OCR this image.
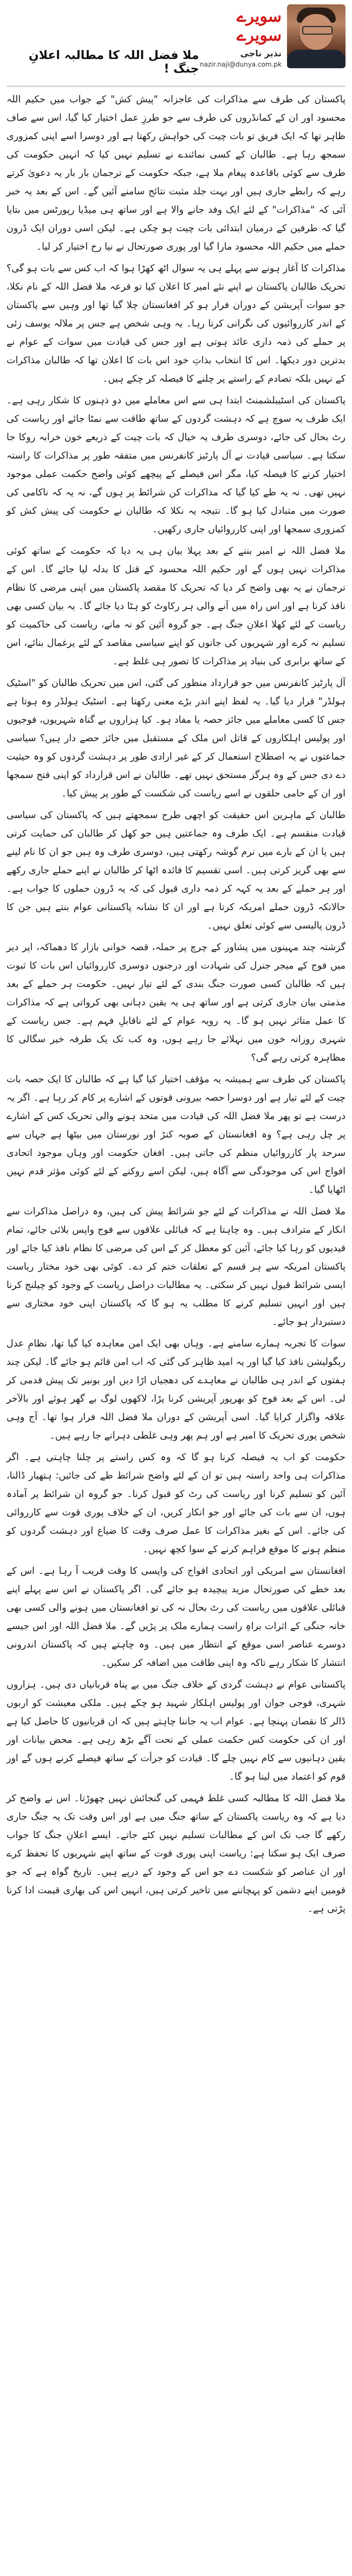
سویرے سویرے
نذیر ناجی
nazir.naji@dunya.com.pk
ملا فضل اللہ کا مطالبہ اعلانِ جنگ !

پاکستان کی طرف سے مذاکرات کی عاجزانہ "پیش کش" کے جواب میں حکیم اللہ محسود اور ان کے کمانڈروں کی طرف سے جو طرزِ عمل اختیار کیا گیا، اس سے صاف ظاہر تھا کہ ایک فریق تو بات چیت کی خواہش رکھتا ہے اور دوسرا اسے اپنی کمزوری سمجھ رہا ہے۔ طالبان کے کسی نمائندے نے تسلیم نہیں کیا کہ انہیں حکومت کی طرف سے کوئی باقاعدہ پیغام ملا ہے، جبکہ حکومت کے ترجمان بار بار یہ دعویٰ کرتے رہے کہ رابطے جاری ہیں اور بہت جلد مثبت نتائج سامنے آئیں گے۔ اس کے بعد یہ خبر آئی کہ "مذاکرات" کے لئے ایک وفد جانے والا ہے اور ساتھ ہی میڈیا رپورٹس میں بتایا گیا کہ طرفین کے درمیان ابتدائی بات چیت ہو چکی ہے۔ لیکن اسی دوران ایک ڈرون حملے میں حکیم اللہ محسود مارا گیا اور پوری صورتحال نے نیا رخ اختیار کر لیا۔

مذاکرات کا آغاز ہونے سے پہلے ہی یہ سوال اٹھ کھڑا ہوا کہ اب کس سے بات ہو گی؟ تحریک طالبان پاکستان نے اپنے نئے امیر کا اعلان کیا تو قرعہ ملا فضل اللہ کے نام نکلا، جو سوات آپریشن کے دوران فرار ہو کر افغانستان چلا گیا تھا اور وہیں سے پاکستان کے اندر کارروائیوں کی نگرانی کرتا رہا۔ یہ وہی شخص ہے جس پر ملالہ یوسف زئی پر حملے کی ذمہ داری عائد ہوتی ہے اور جس کی قیادت میں سوات کے عوام نے بدترین دور دیکھا۔ اس کا انتخاب بذاتِ خود اس بات کا اعلان تھا کہ طالبان مذاکرات کے نہیں بلکہ تصادم کے راستے پر چلنے کا فیصلہ کر چکے ہیں۔

پاکستان کی اسٹیبلشمنٹ ابتدا ہی سے اس معاملے میں دو ذہنوں کا شکار رہی ہے۔ ایک طرف یہ سوچ ہے کہ دہشت گردوں کے ساتھ طاقت سے نمٹا جائے اور ریاست کی رٹ بحال کی جائے، دوسری طرف یہ خیال کہ بات چیت کے ذریعے خون خرابہ روکا جا سکتا ہے۔ سیاسی قیادت نے آل پارٹیز کانفرنس میں متفقہ طور پر مذاکرات کا راستہ اختیار کرنے کا فیصلہ کیا، مگر اس فیصلے کے پیچھے کوئی واضح حکمت عملی موجود نہیں تھی۔ نہ یہ طے کیا گیا کہ مذاکرات کن شرائط پر ہوں گے، نہ یہ کہ ناکامی کی صورت میں متبادل کیا ہو گا۔ نتیجہ یہ نکلا کہ طالبان نے حکومت کی پیش کش کو کمزوری سمجھا اور اپنی کارروائیاں جاری رکھیں۔

ملا فضل اللہ نے امیر بننے کے بعد پہلا بیان ہی یہ دیا کہ حکومت کے ساتھ کوئی مذاکرات نہیں ہوں گے اور حکیم اللہ محسود کے قتل کا بدلہ لیا جائے گا۔ اس کے ترجمان نے یہ بھی واضح کر دیا کہ تحریک کا مقصد پاکستان میں اپنی مرضی کا نظام نافذ کرنا ہے اور اس راہ میں آنے والی ہر رکاوٹ کو ہٹا دیا جائے گا۔ یہ بیان کسی بھی ریاست کے لئے کھلا اعلانِ جنگ ہے۔ جو گروہ آئین کو نہ مانے، ریاست کی حاکمیت کو تسلیم نہ کرے اور شہریوں کی جانوں کو اپنے سیاسی مقاصد کے لئے یرغمال بنائے، اس کے ساتھ برابری کی بنیاد پر مذاکرات کا تصور ہی غلط ہے۔

آل پارٹیز کانفرنس میں جو قرارداد منظور کی گئی، اس میں تحریک طالبان کو "اسٹیک ہولڈر" قرار دیا گیا۔ یہ لفظ اپنے اندر بڑے معنی رکھتا ہے۔ اسٹیک ہولڈر وہ ہوتا ہے جس کا کسی معاملے میں جائز حصہ یا مفاد ہو۔ کیا ہزاروں بے گناہ شہریوں، فوجیوں اور پولیس اہلکاروں کے قاتل اس ملک کے مستقبل میں جائز حصے دار ہیں؟ سیاسی جماعتوں نے یہ اصطلاح استعمال کر کے غیر ارادی طور پر دہشت گردوں کو وہ حیثیت دے دی جس کے وہ ہرگز مستحق نہیں تھے۔ طالبان نے اس قرارداد کو اپنی فتح سمجھا اور ان کے حامی حلقوں نے اسے ریاست کی شکست کے طور پر پیش کیا۔

طالبان کے ماہرین اس حقیقت کو اچھی طرح سمجھتے ہیں کہ پاکستان کی سیاسی قیادت منقسم ہے۔ ایک طرف وہ جماعتیں ہیں جو کھل کر طالبان کی حمایت کرتی ہیں یا ان کے بارے میں نرم گوشہ رکھتی ہیں، دوسری طرف وہ ہیں جو ان کا نام لینے سے بھی گریز کرتی ہیں۔ اسی تقسیم کا فائدہ اٹھا کر طالبان نے اپنے حملے جاری رکھے اور ہر حملے کے بعد یہ کہہ کر ذمہ داری قبول کی کہ یہ ڈرون حملوں کا جواب ہے۔ حالانکہ ڈرون حملے امریکہ کرتا ہے اور ان کا نشانہ پاکستانی عوام بنتے ہیں جن کا ڈرون پالیسی سے کوئی تعلق نہیں۔

گزشتہ چند مہینوں میں پشاور کے چرچ پر حملہ، قصہ خوانی بازار کا دھماکہ، اپر دیر میں فوج کے میجر جنرل کی شہادت اور درجنوں دوسری کارروائیاں اس بات کا ثبوت ہیں کہ طالبان کسی صورت جنگ بندی کے لئے تیار نہیں۔ حکومت ہر حملے کے بعد مذمتی بیان جاری کرتی ہے اور ساتھ ہی یہ یقین دہانی بھی کرواتی ہے کہ مذاکرات کا عمل متاثر نہیں ہو گا۔ یہ رویہ عوام کے لئے ناقابلِ فہم ہے۔ جس ریاست کے شہری روزانہ خون میں نہلائے جا رہے ہوں، وہ کب تک یک طرفہ خیر سگالی کا مظاہرہ کرتی رہے گی؟

پاکستان کی طرف سے ہمیشہ یہ مؤقف اختیار کیا گیا ہے کہ طالبان کا ایک حصہ بات چیت کے لئے تیار ہے اور دوسرا حصہ بیرونی قوتوں کے اشارے پر کام کر رہا ہے۔ اگر یہ درست ہے تو پھر ملا فضل اللہ کی قیادت میں متحد ہونے والی تحریک کس کے اشارے پر چل رہی ہے؟ وہ افغانستان کے صوبہ کنڑ اور نورستان میں بیٹھا ہے جہاں سے سرحد پار کارروائیاں منظم کی جاتی ہیں۔ افغان حکومت اور وہاں موجود اتحادی افواج اس کی موجودگی سے آگاہ ہیں، لیکن اسے روکنے کے لئے کوئی مؤثر قدم نہیں اٹھایا گیا۔

ملا فضل اللہ نے مذاکرات کے لئے جو شرائط پیش کی ہیں، وہ دراصل مذاکرات سے انکار کے مترادف ہیں۔ وہ چاہتا ہے کہ قبائلی علاقوں سے فوج واپس بلائی جائے، تمام قیدیوں کو رہا کیا جائے، آئین کو معطل کر کے اس کی مرضی کا نظام نافذ کیا جائے اور پاکستان امریکہ سے ہر قسم کے تعلقات ختم کر دے۔ کوئی بھی خود مختار ریاست ایسی شرائط قبول نہیں کر سکتی۔ یہ مطالبات دراصل ریاست کے وجود کو چیلنج کرنا ہیں اور انہیں تسلیم کرنے کا مطلب یہ ہو گا کہ پاکستان اپنی خود مختاری سے دستبردار ہو جائے۔

سوات کا تجربہ ہمارے سامنے ہے۔ وہاں بھی ایک امن معاہدہ کیا گیا تھا، نظامِ عدل ریگولیشن نافذ کیا گیا اور یہ امید ظاہر کی گئی کہ اب امن قائم ہو جائے گا۔ لیکن چند ہفتوں کے اندر ہی طالبان نے معاہدے کی دھجیاں اڑا دیں اور بونیر تک پیش قدمی کر لی۔ اس کے بعد فوج کو بھرپور آپریشن کرنا پڑا، لاکھوں لوگ بے گھر ہوئے اور بالآخر علاقہ واگزار کرایا گیا۔ اسی آپریشن کے دوران ملا فضل اللہ فرار ہوا تھا۔ آج وہی شخص پوری تحریک کا امیر ہے اور ہم پھر وہی غلطی دہرانے جا رہے ہیں۔

حکومت کو اب یہ فیصلہ کرنا ہو گا کہ وہ کس راستے پر چلنا چاہتی ہے۔ اگر مذاکرات ہی واحد راستہ ہیں تو ان کے لئے واضح شرائط طے کی جائیں: ہتھیار ڈالنا، آئین کو تسلیم کرنا اور ریاست کی رٹ کو قبول کرنا۔ جو گروہ ان شرائط پر آمادہ ہوں، ان سے بات کی جائے اور جو انکار کریں، ان کے خلاف پوری قوت سے کارروائی کی جائے۔ اس کے بغیر مذاکرات کا عمل صرف وقت کا ضیاع اور دہشت گردوں کو منظم ہونے کا موقع فراہم کرنے کے سوا کچھ نہیں۔

افغانستان سے امریکی اور اتحادی افواج کی واپسی کا وقت قریب آ رہا ہے۔ اس کے بعد خطے کی صورتحال مزید پیچیدہ ہو جائے گی۔ اگر پاکستان نے اس سے پہلے اپنے قبائلی علاقوں میں ریاست کی رٹ بحال نہ کی تو افغانستان میں ہونے والی کسی بھی خانہ جنگی کے اثرات براہِ راست ہمارے ملک پر پڑیں گے۔ ملا فضل اللہ اور اس جیسے دوسرے عناصر اسی موقع کے انتظار میں ہیں۔ وہ چاہتے ہیں کہ پاکستان اندرونی انتشار کا شکار رہے تاکہ وہ اپنی طاقت میں اضافہ کر سکیں۔

پاکستانی عوام نے دہشت گردی کے خلاف جنگ میں بے پناہ قربانیاں دی ہیں۔ ہزاروں شہری، فوجی جوان اور پولیس اہلکار شہید ہو چکے ہیں۔ ملکی معیشت کو اربوں ڈالر کا نقصان پہنچا ہے۔ عوام اب یہ جاننا چاہتے ہیں کہ ان قربانیوں کا حاصل کیا ہے اور ان کی حکومت کس حکمت عملی کے تحت آگے بڑھ رہی ہے۔ محض بیانات اور یقین دہانیوں سے کام نہیں چلے گا۔ قیادت کو جرأت کے ساتھ فیصلے کرنے ہوں گے اور قوم کو اعتماد میں لینا ہو گا۔

ملا فضل اللہ کا مطالبہ کسی غلط فہمی کی گنجائش نہیں چھوڑتا۔ اس نے واضح کر دیا ہے کہ وہ ریاست پاکستان کے ساتھ جنگ میں ہے اور اس وقت تک یہ جنگ جاری رکھے گا جب تک اس کے مطالبات تسلیم نہیں کئے جاتے۔ ایسے اعلانِ جنگ کا جواب صرف ایک ہو سکتا ہے: ریاست اپنی پوری قوت کے ساتھ اپنے شہریوں کا تحفظ کرے اور ان عناصر کو شکست دے جو اس کے وجود کے درپے ہیں۔ تاریخ گواہ ہے کہ جو قومیں اپنے دشمن کو پہچاننے میں تاخیر کرتی ہیں، انہیں اس کی بھاری قیمت ادا کرنا پڑتی ہے۔
